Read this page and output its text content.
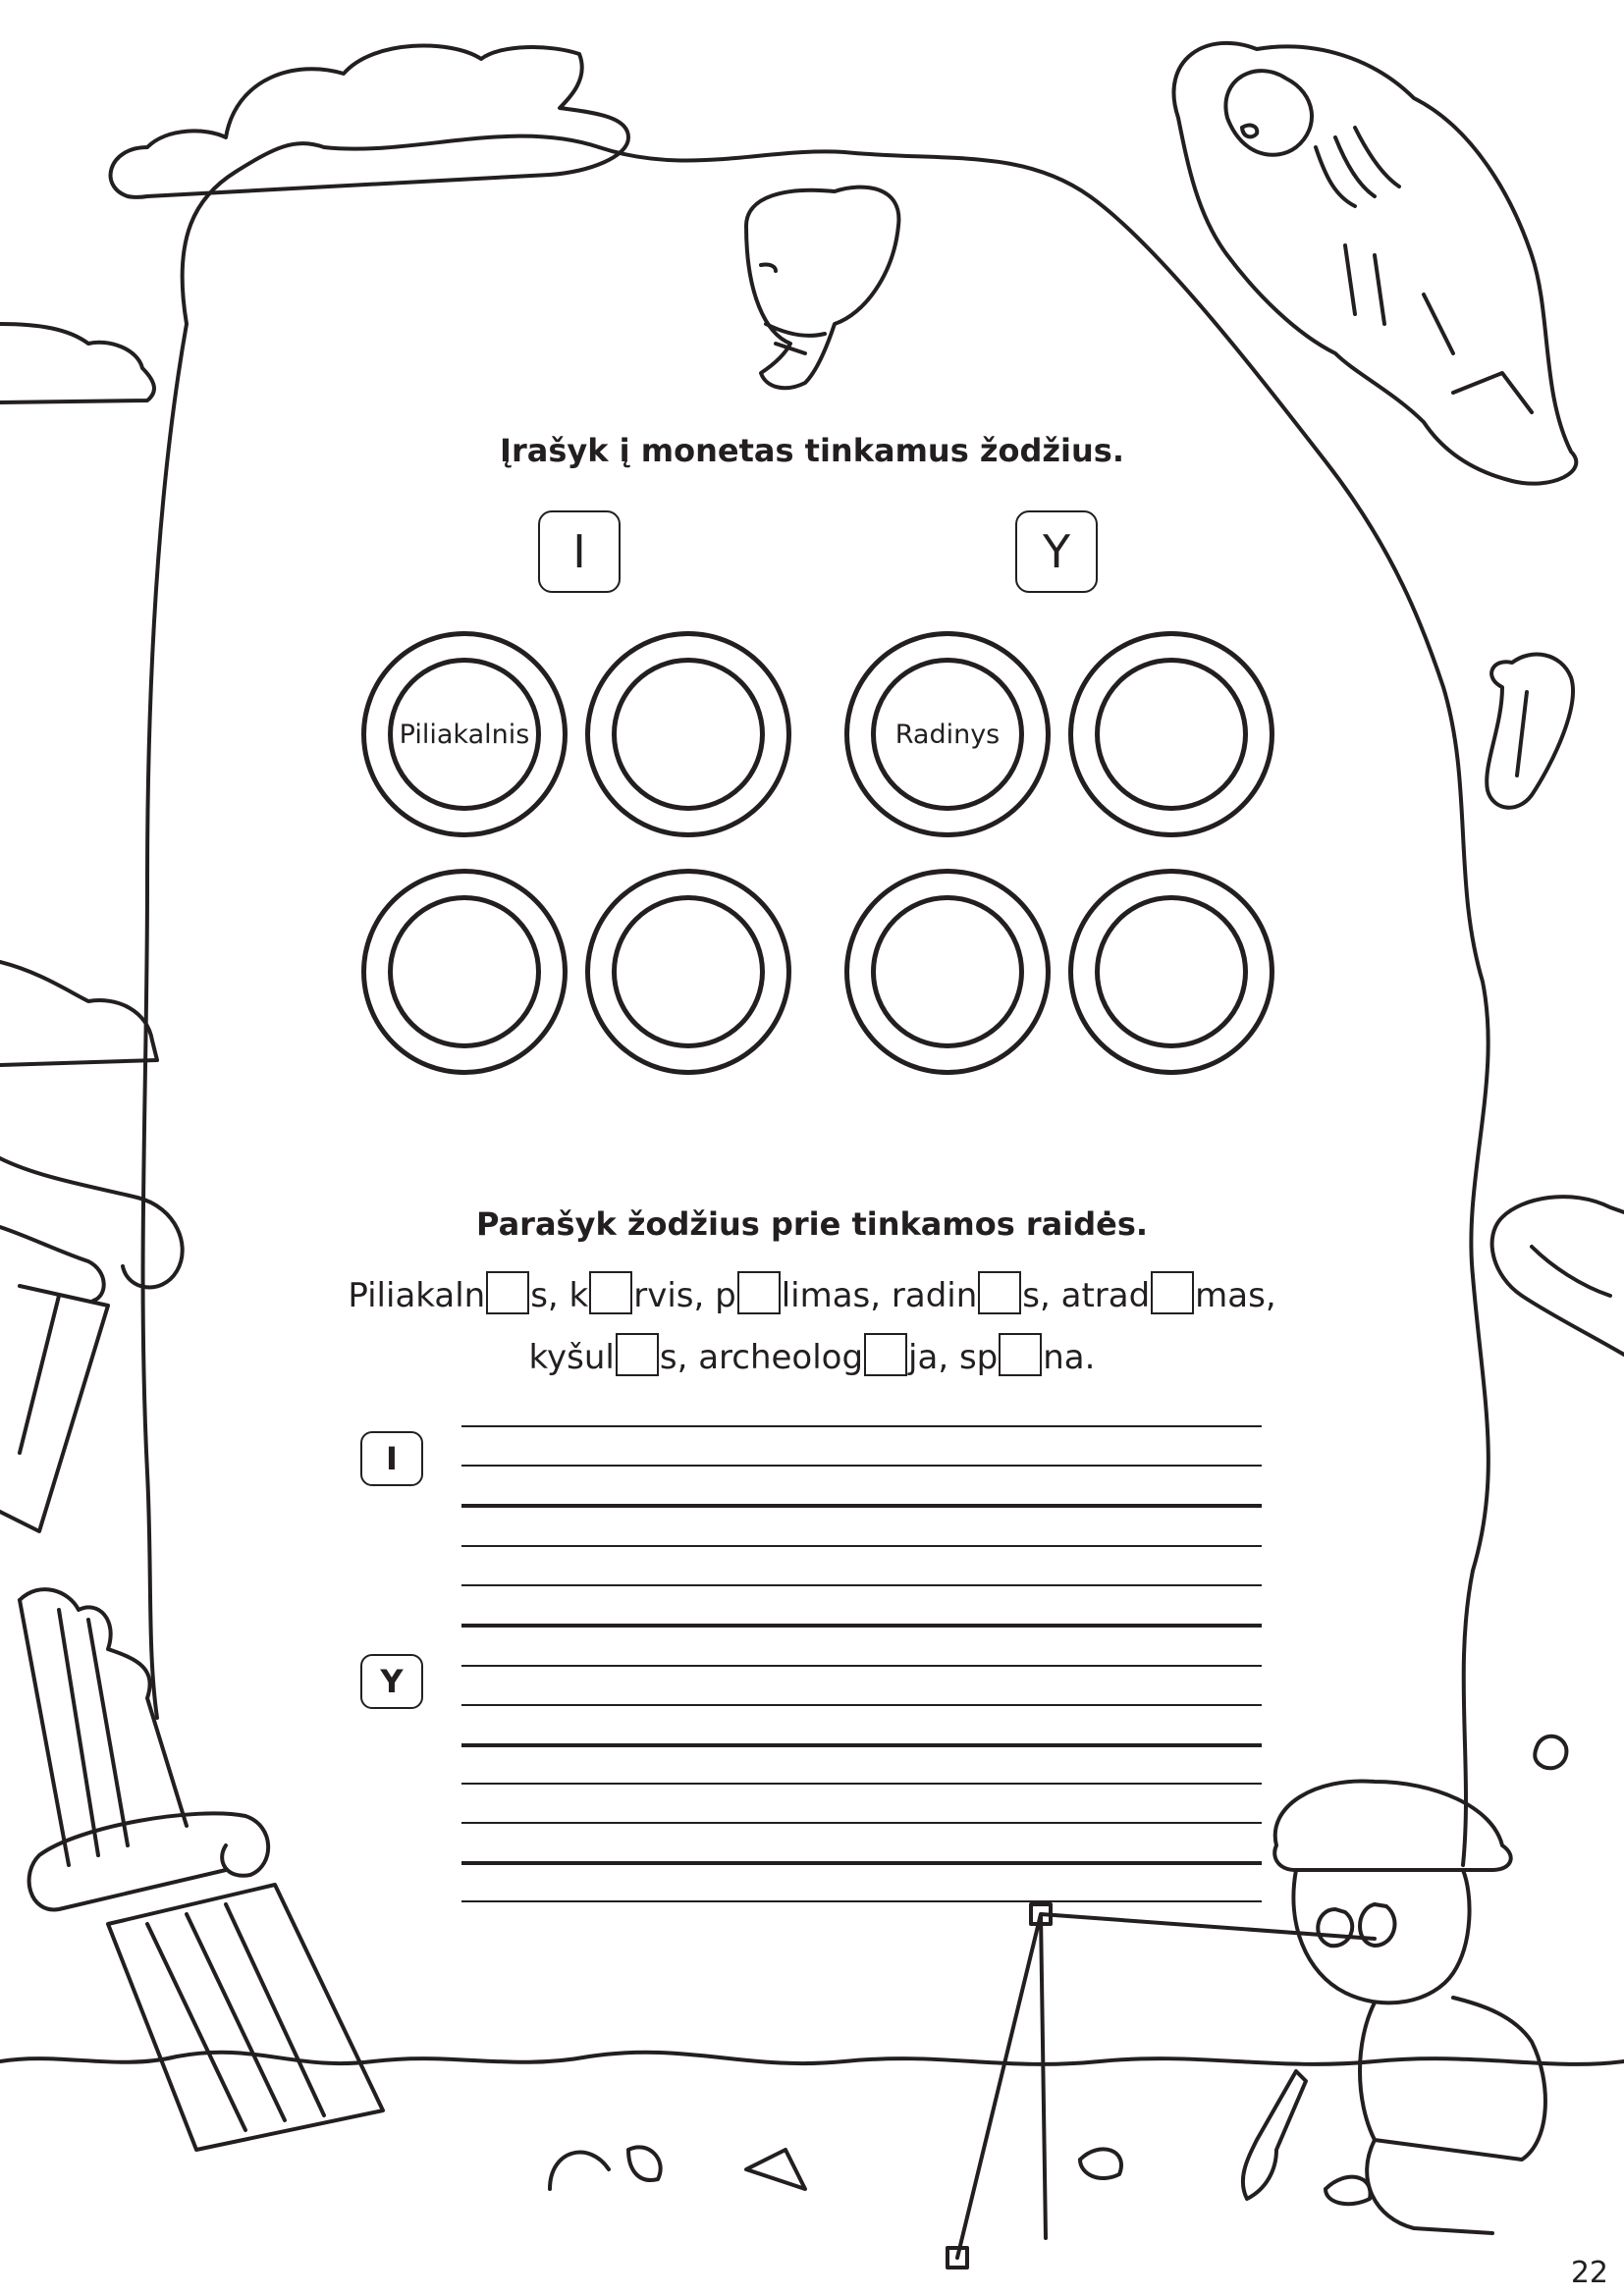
Įrašyk į monetas tinkamus žodžius.
I	Y
Piliakalnis	Radinys
Parašyk žodžius prie tinkamos raidės.
Piliakaln s, k rvis, p limas, radin s, atrad mas,
kyšul s, archeolog ja, sp na.
I
Y
22
